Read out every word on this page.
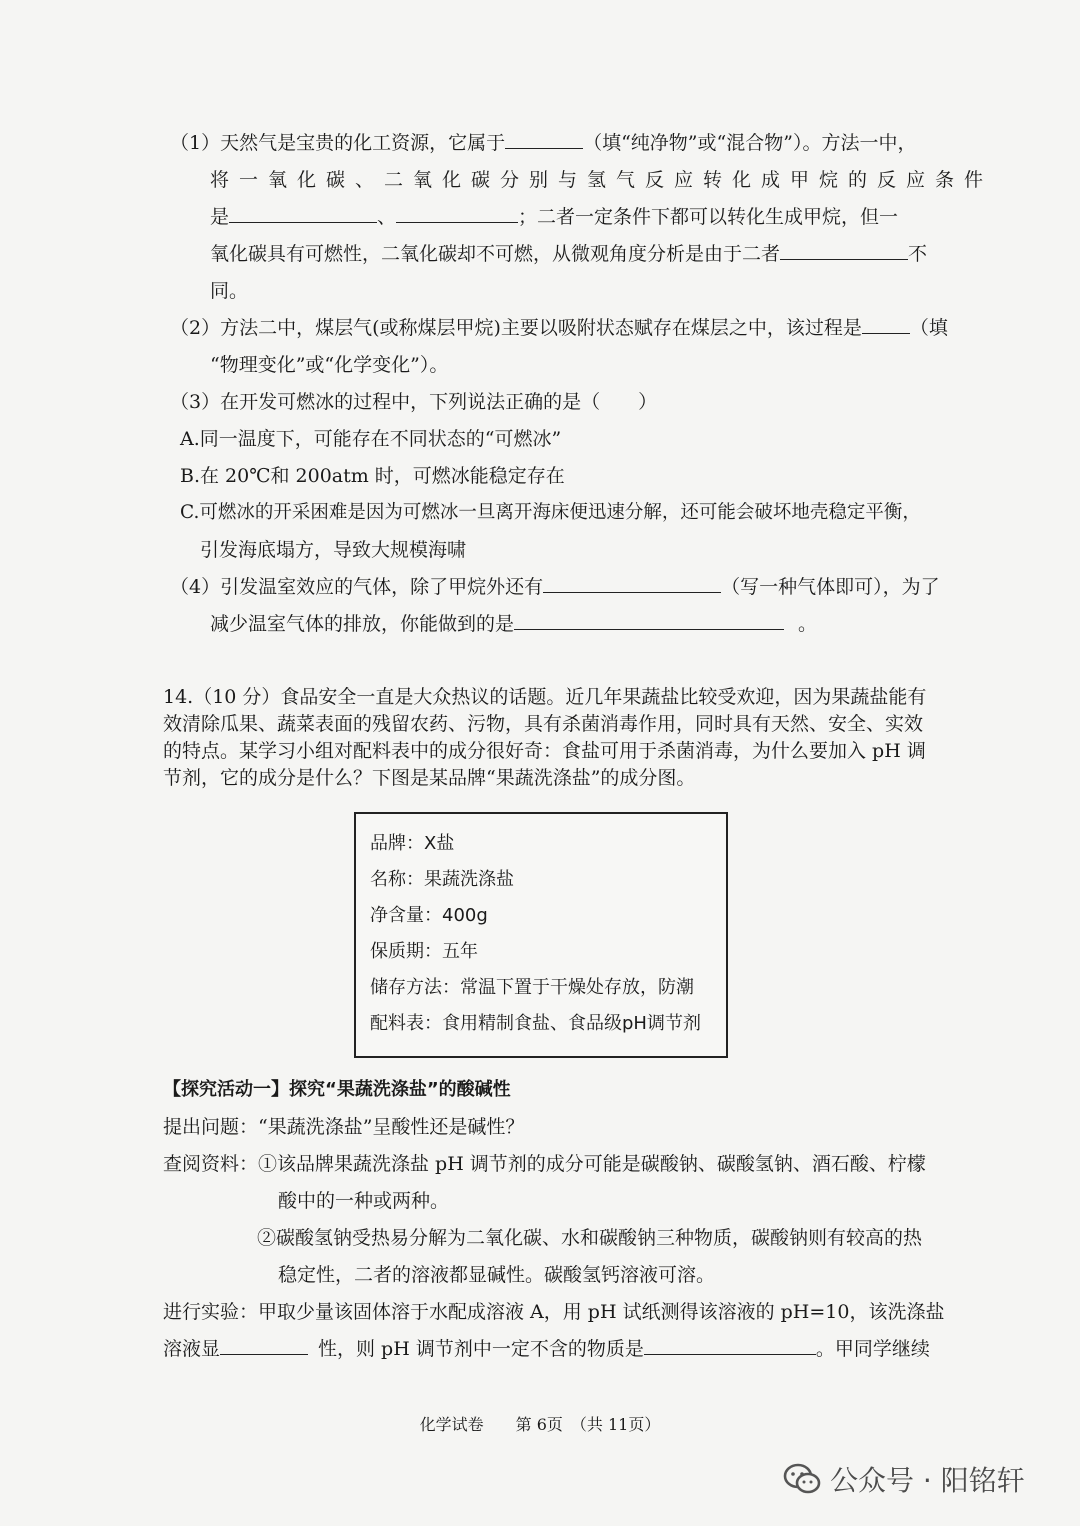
（1）天然气是宝贵的化工资源，它属于	（填“纯净物”或“混合物”）。方法一中，
将一氧化碳、二氧化碳分别与氢气反应转化成甲烷的反应条件
是	、	；二者一定条件下都可以转化生成甲烷，但一
氧化碳具有可燃性，二氧化碳却不可燃，从微观角度分析是由于二者	不
同。
（2）方法二中，煤层气(或称煤层甲烷)主要以吸附状态赋存在煤层之中，该过程是	（填
“物理变化”或“化学变化”）。
（3）在开发可燃冰的过程中，下列说法正确的是（　　）
A.同一温度下，可能存在不同状态的“可燃冰”
B.在 20℃和 200atm 时，可燃冰能稳定存在
C.可燃冰的开采困难是因为可燃冰一旦离开海床便迅速分解，还可能会破坏地壳稳定平衡，
引发海底塌方，导致大规模海啸
（4）引发温室效应的气体，除了甲烷外还有	（写一种气体即可），为了
减少温室气体的排放，你能做到的是	。
14.（10 分）食品安全一直是大众热议的话题。近几年果蔬盐比较受欢迎，因为果蔬盐能有
效清除瓜果、蔬菜表面的残留农药、污物，具有杀菌消毒作用，同时具有天然、安全、实效
的特点。某学习小组对配料表中的成分很好奇：食盐可用于杀菌消毒，为什么要加入 pH 调
节剂，它的成分是什么？下图是某品牌“果蔬洗涤盐”的成分图。
品牌：X盐
名称：果蔬洗涤盐
净含量：400g
保质期：五年
储存方法：常温下置于干燥处存放，防潮
配料表：食用精制食盐、食品级pH调节剂
【探究活动一】探究“果蔬洗涤盐”的酸碱性
提出问题：“果蔬洗涤盐”呈酸性还是碱性？
查阅资料：①该品牌果蔬洗涤盐 pH 调节剂的成分可能是碳酸钠、碳酸氢钠、酒石酸、柠檬
酸中的一种或两种。
②碳酸氢钠受热易分解为二氧化碳、水和碳酸钠三种物质，碳酸钠则有较高的热
稳定性，二者的溶液都显碱性。碳酸氢钙溶液可溶。
进行实验：甲取少量该固体溶于水配成溶液 A，用 pH 试纸测得该溶液的 pH=10，该洗涤盐
溶液显	性，则 pH 调节剂中一定不含的物质是	。甲同学继续
化学试卷　　第 6页　（共 11页）
公众号 · 阳铭轩
